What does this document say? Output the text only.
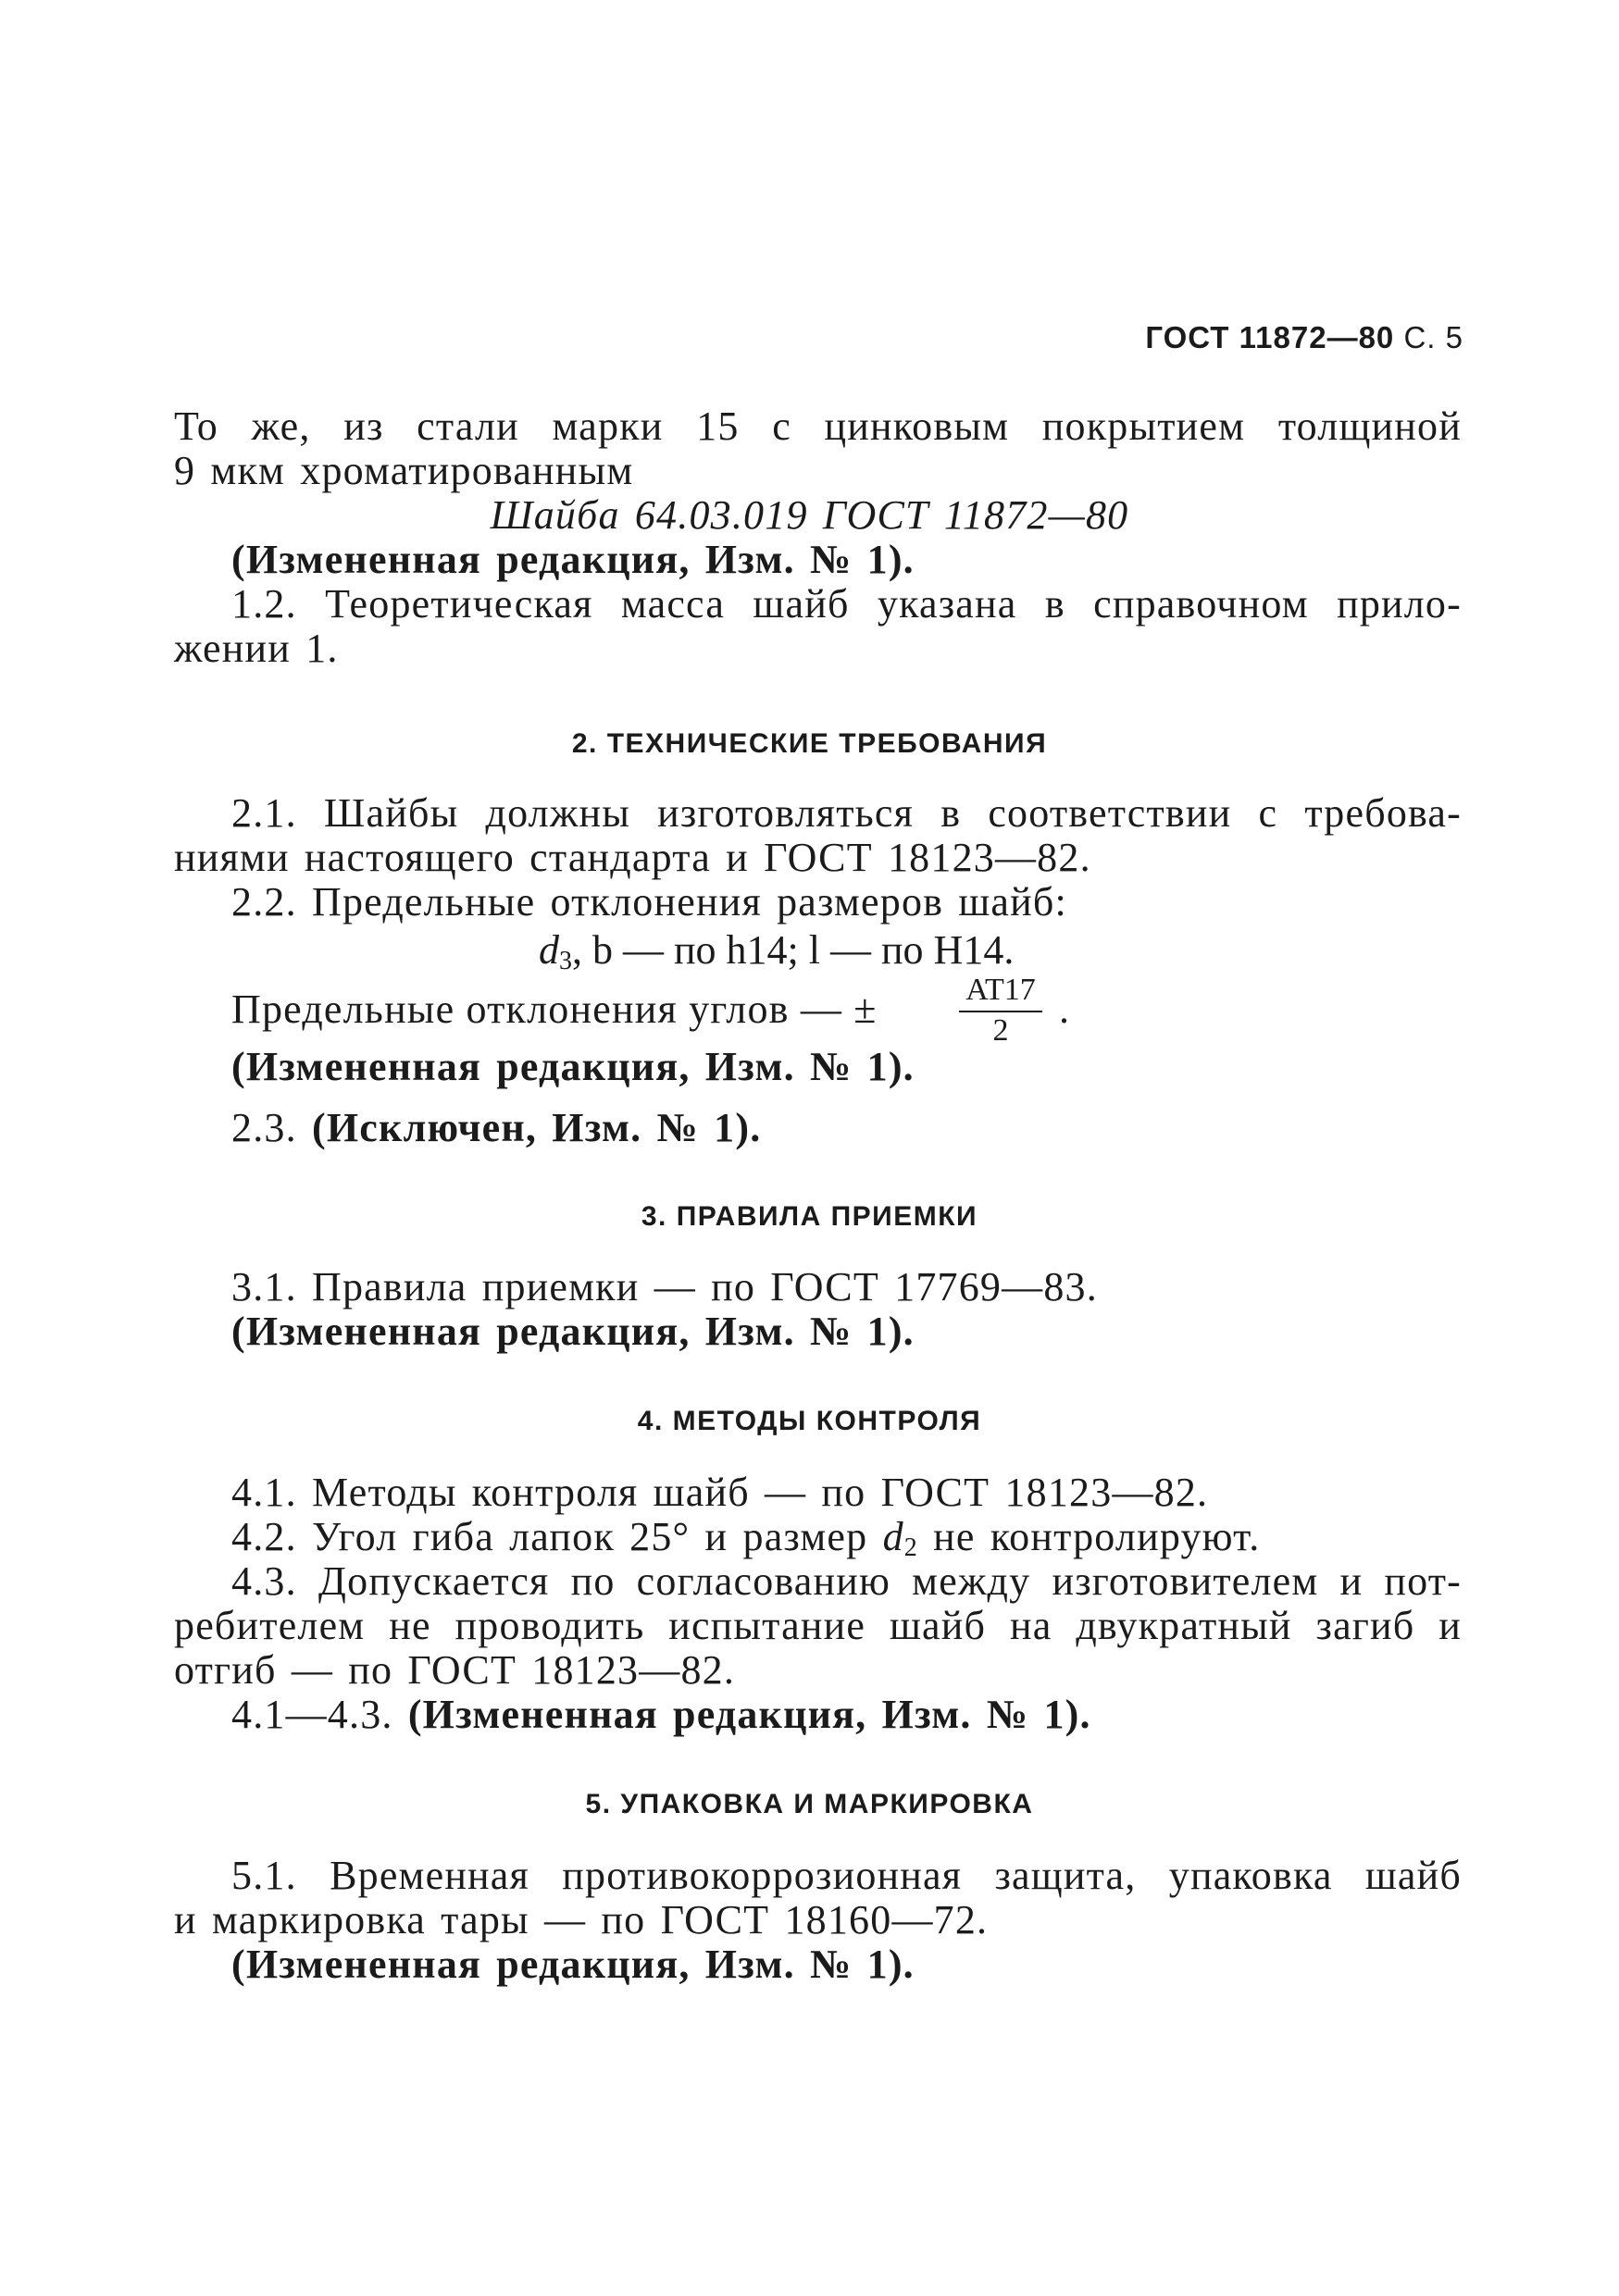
ГОСТ 11872—80 С. 5
То же, из стали марки 15 с цинковым покрытием толщиной
9 мкм хроматированным
Шайба 64.03.019 ГОСТ 11872—80
(Измененная редакция, Изм. № 1).
1.2. Теоретическая масса шайб указана в справочном прило-
жении 1.
2. ТЕХНИЧЕСКИЕ ТРЕБОВАНИЯ
2.1. Шайбы должны изготовляться в соответствии с требова-
ниями настоящего стандарта и ГОСТ 18123—82.
2.2. Предельные отклонения размеров шайб:
$d_3$, b — по h14; l — по H14.
Предельные отклонения углов — ±	AT17
2	.
(Измененная редакция, Изм. № 1).
2.3. (Исключен, Изм. № 1).
3. ПРАВИЛА ПРИЕМКИ
3.1. Правила приемки — по ГОСТ 17769—83.
(Измененная редакция, Изм. № 1).
4. МЕТОДЫ КОНТРОЛЯ
4.1. Методы контроля шайб — по ГОСТ 18123—82.
4.2. Угол гиба лапок 25° и размер $d_2$ не контролируют.
4.3. Допускается по согласованию между изготовителем и пот-
ребителем не проводить испытание шайб на двукратный загиб и
отгиб — по ГОСТ 18123—82.
4.1—4.3. (Измененная редакция, Изм. № 1).
5. УПАКОВКА И МАРКИРОВКА
5.1. Временная противокоррозионная защита, упаковка шайб
и маркировка тары — по ГОСТ 18160—72.
(Измененная редакция, Изм. № 1).
